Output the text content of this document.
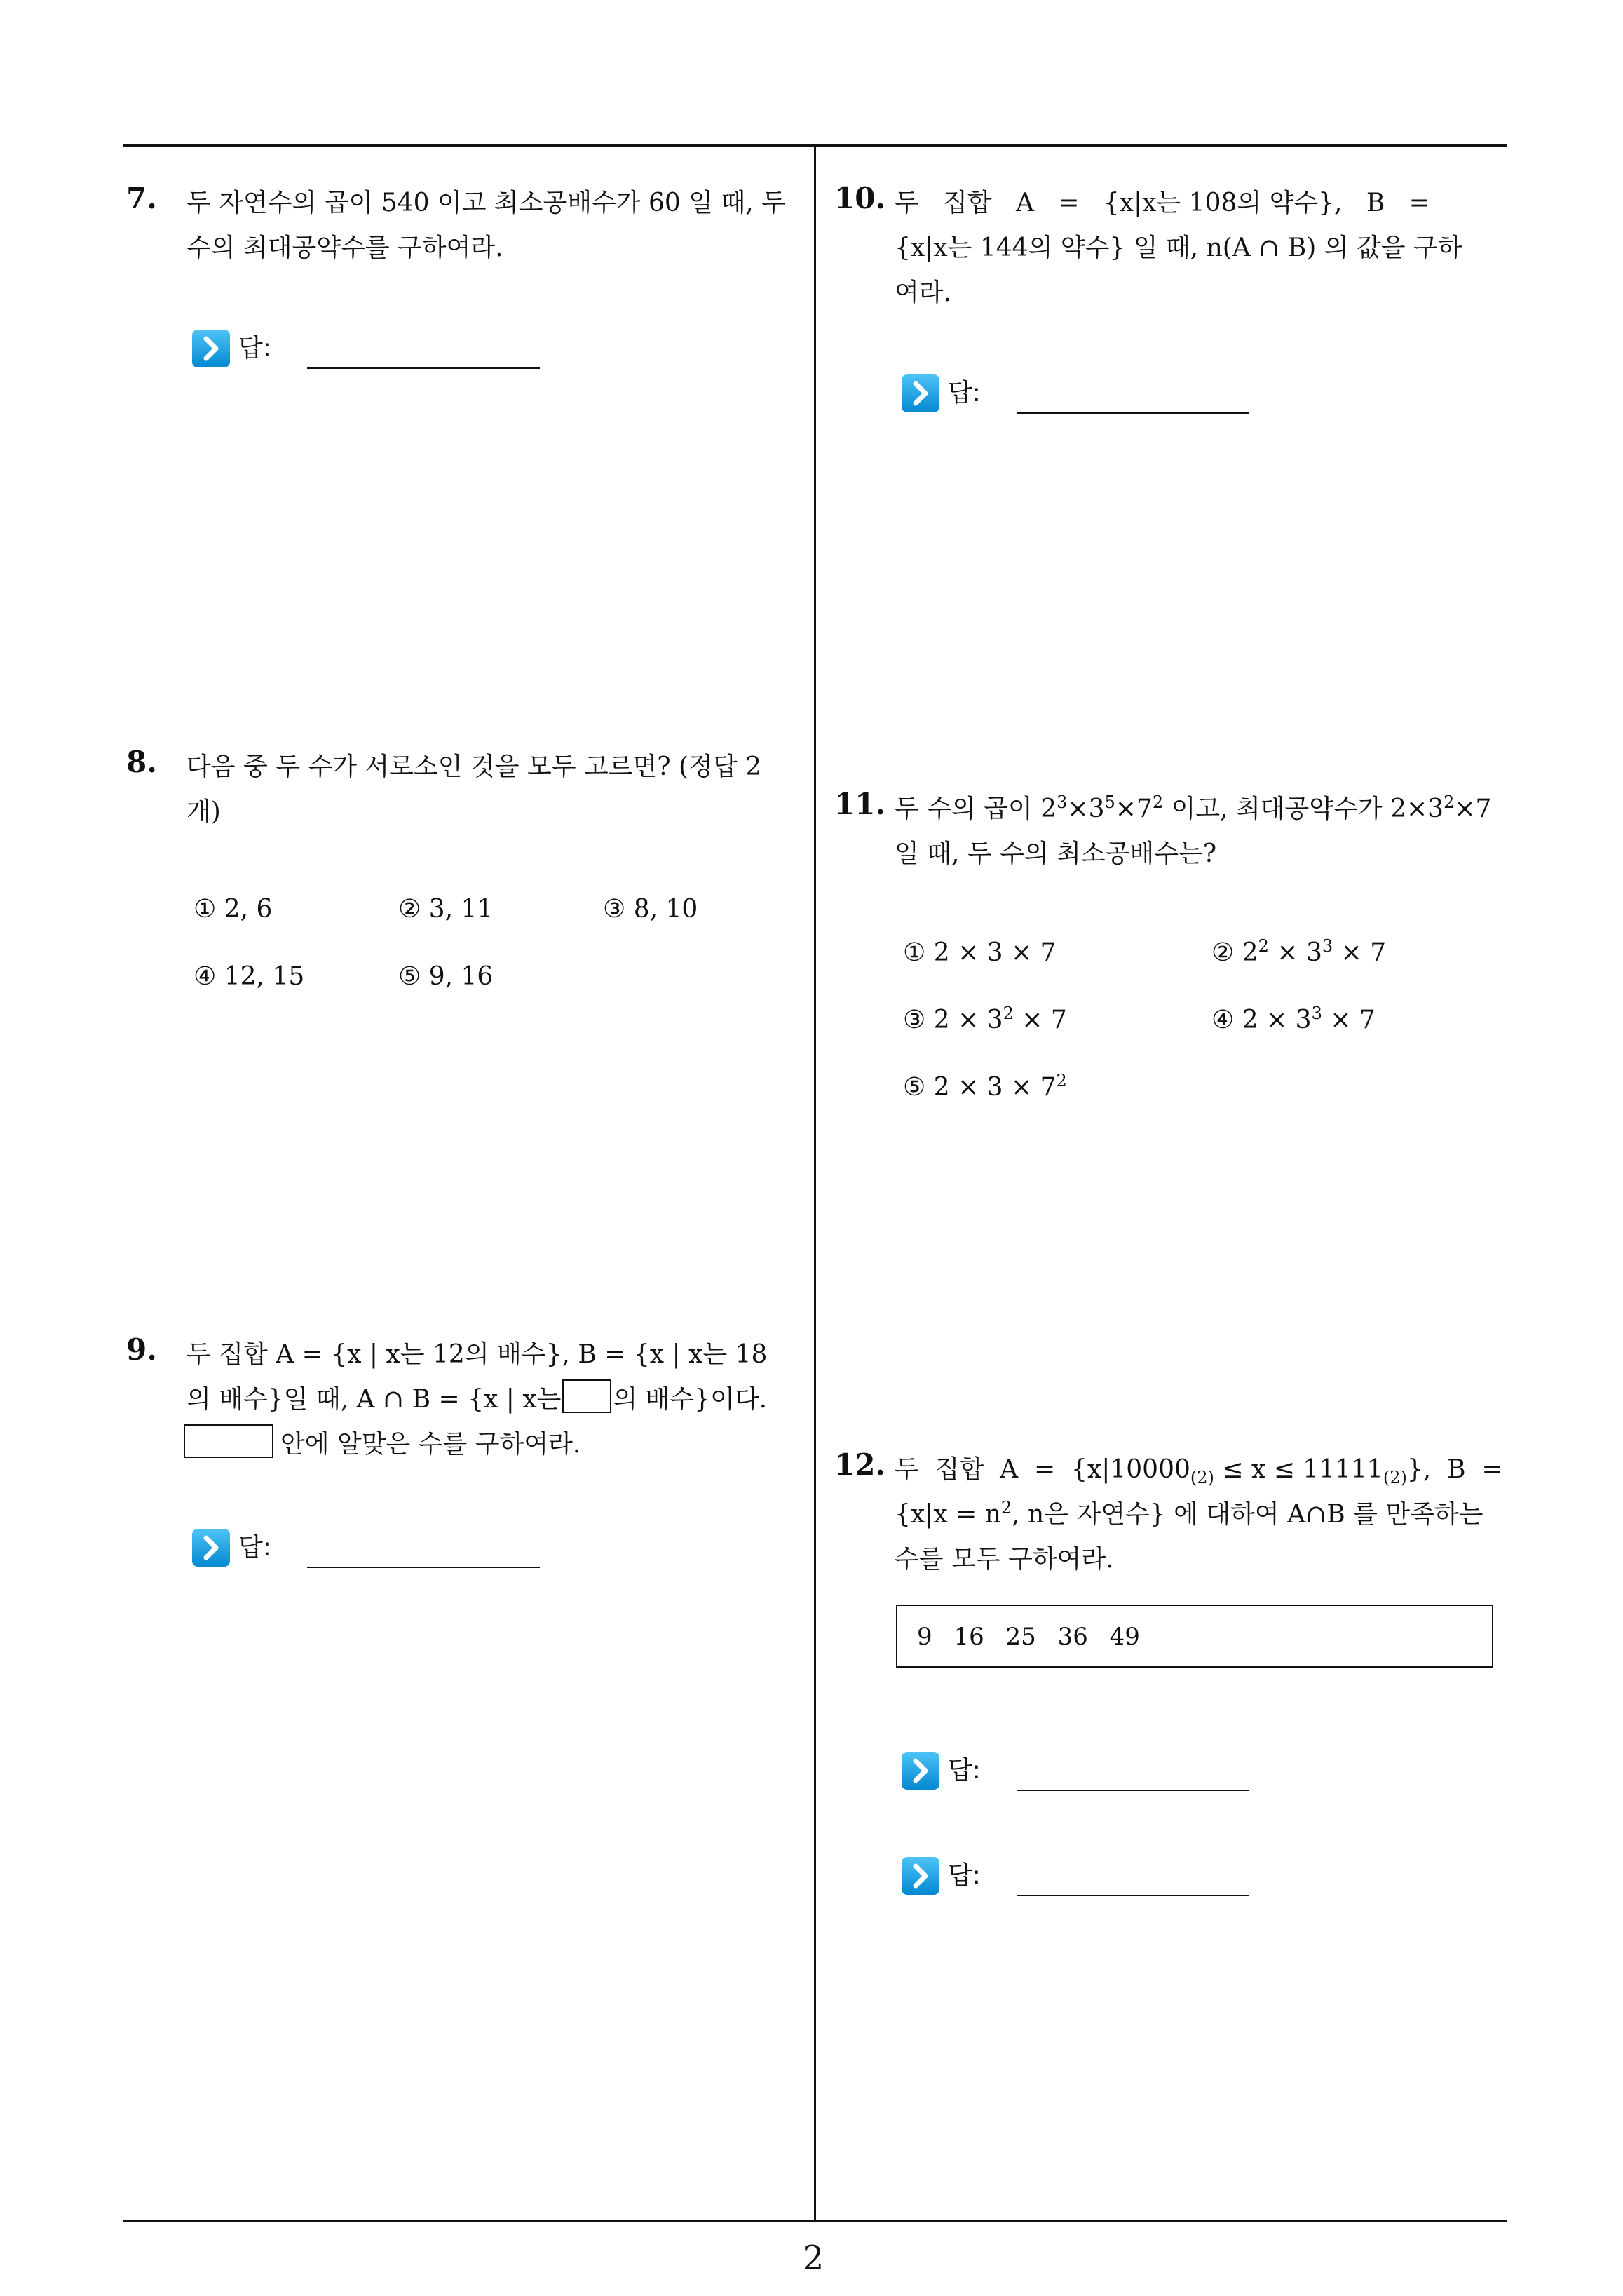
2
7. 두 자연수의 곱이 540 이고 최소공배수가 60 일 때, 두
수의 최대공약수를 구하여라.
답:
8. 다음 중 두 수가 서로소인 것을 모두 고르면? (정답 2
개)
① 2, 6	② 3, 11	③ 8, 10
④ 12, 15	⑤ 9, 16
9. 두 집합 A = {x | x는 12의 배수}, B = {x | x는 18
의 배수}일 때, A ∩ B = {x | x는 의 배수}이다.
안에 알맞은 수를 구하여라.
답:
10. 두   집합   A   =   {x|x는 108의 약수},   B   =
{x|x는 144의 약수} 일 때, n(A ∩ B) 의 값을 구하
여라.
답:
11. 두 수의 곱이 $2^3\times 3^5\times 7^2$ 이고, 최대공약수가 $2\times 3^2\times 7$
일 때, 두 수의 최소공배수는?
① 2 × 3 × 7	② $2^2 \times 3^3 \times 7$
③ $2 \times 3^2 \times 7$	④ $2 \times 3^3 \times 7$
⑤ $2 \times 3 \times 7^2$
12. 두  집합  $A = \{x|10000_{(2)} \le x \le 11111_{(2)}\}$,  B  =
{$x|x = n^2$, n은 자연수} 에 대하여 A∩B 를 만족하는
수를 모두 구하여라.
9 16 25 36 49
답:
답:
